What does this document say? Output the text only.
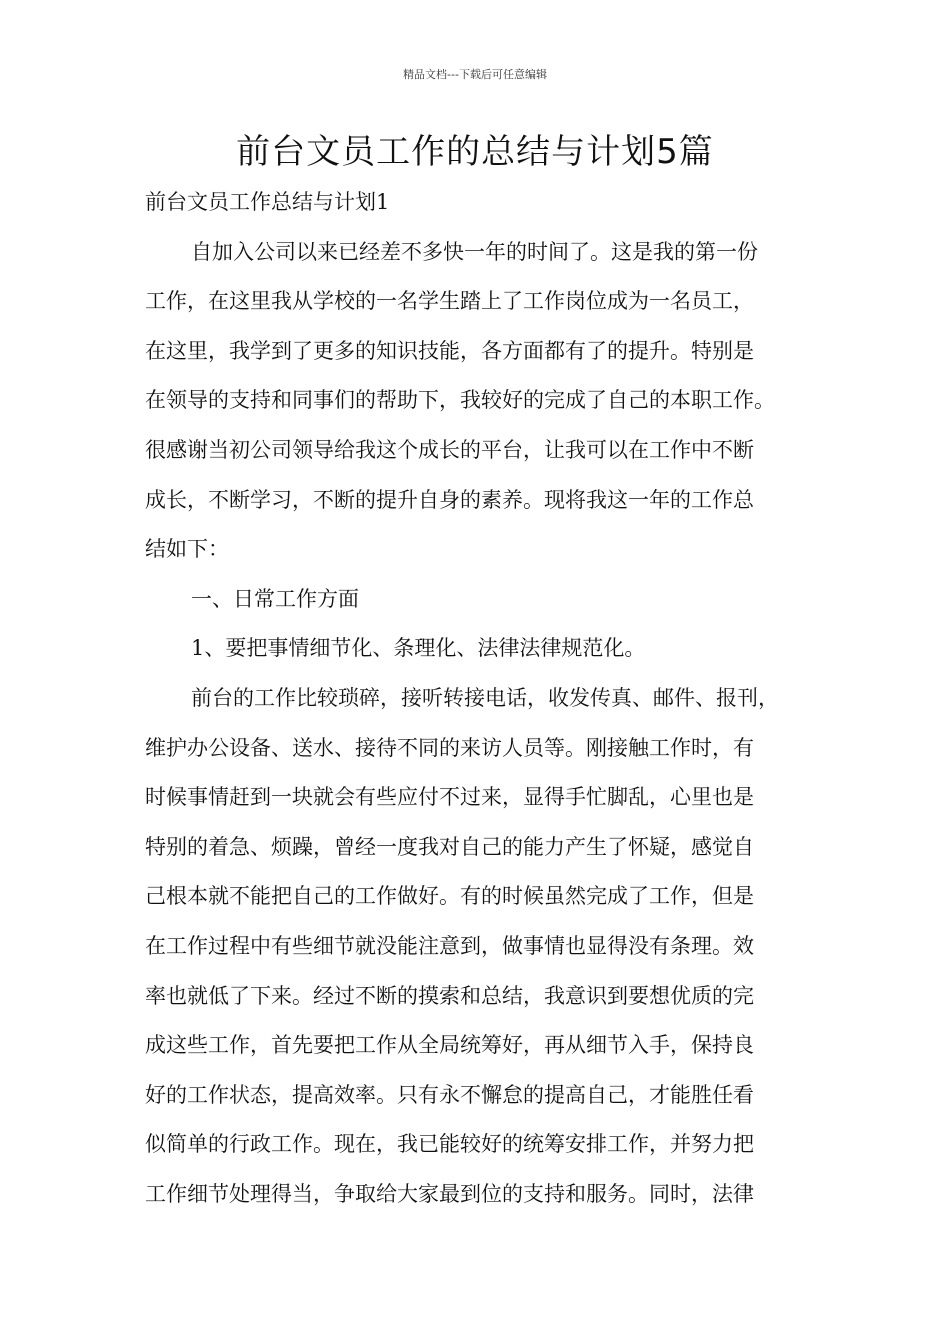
精品文档---下载后可任意编辑
前台文员工作的总结与计划5篇
前台文员工作总结与计划1
自加入公司以来已经差不多快一年的时间了。这是我的第一份
工作，在这里我从学校的一名学生踏上了工作岗位成为一名员工，
在这里，我学到了更多的知识技能，各方面都有了的提升。特别是
在领导的支持和同事们的帮助下，我较好的完成了自己的本职工作。
很感谢当初公司领导给我这个成长的平台，让我可以在工作中不断
成长，不断学习，不断的提升自身的素养。现将我这一年的工作总
结如下：
一、日常工作方面
1、要把事情细节化、条理化、法律法律规范化。
前台的工作比较琐碎，接听转接电话，收发传真、邮件、报刊，
维护办公设备、送水、接待不同的来访人员等。刚接触工作时，有
时候事情赶到一块就会有些应付不过来，显得手忙脚乱，心里也是
特别的着急、烦躁，曾经一度我对自己的能力产生了怀疑，感觉自
己根本就不能把自己的工作做好。有的时候虽然完成了工作，但是
在工作过程中有些细节就没能注意到，做事情也显得没有条理。效
率也就低了下来。经过不断的摸索和总结，我意识到要想优质的完
成这些工作，首先要把工作从全局统筹好，再从细节入手，保持良
好的工作状态，提高效率。只有永不懈怠的提高自己，才能胜任看
似简单的行政工作。现在，我已能较好的统筹安排工作，并努力把
工作细节处理得当，争取给大家最到位的支持和服务。同时，法律
